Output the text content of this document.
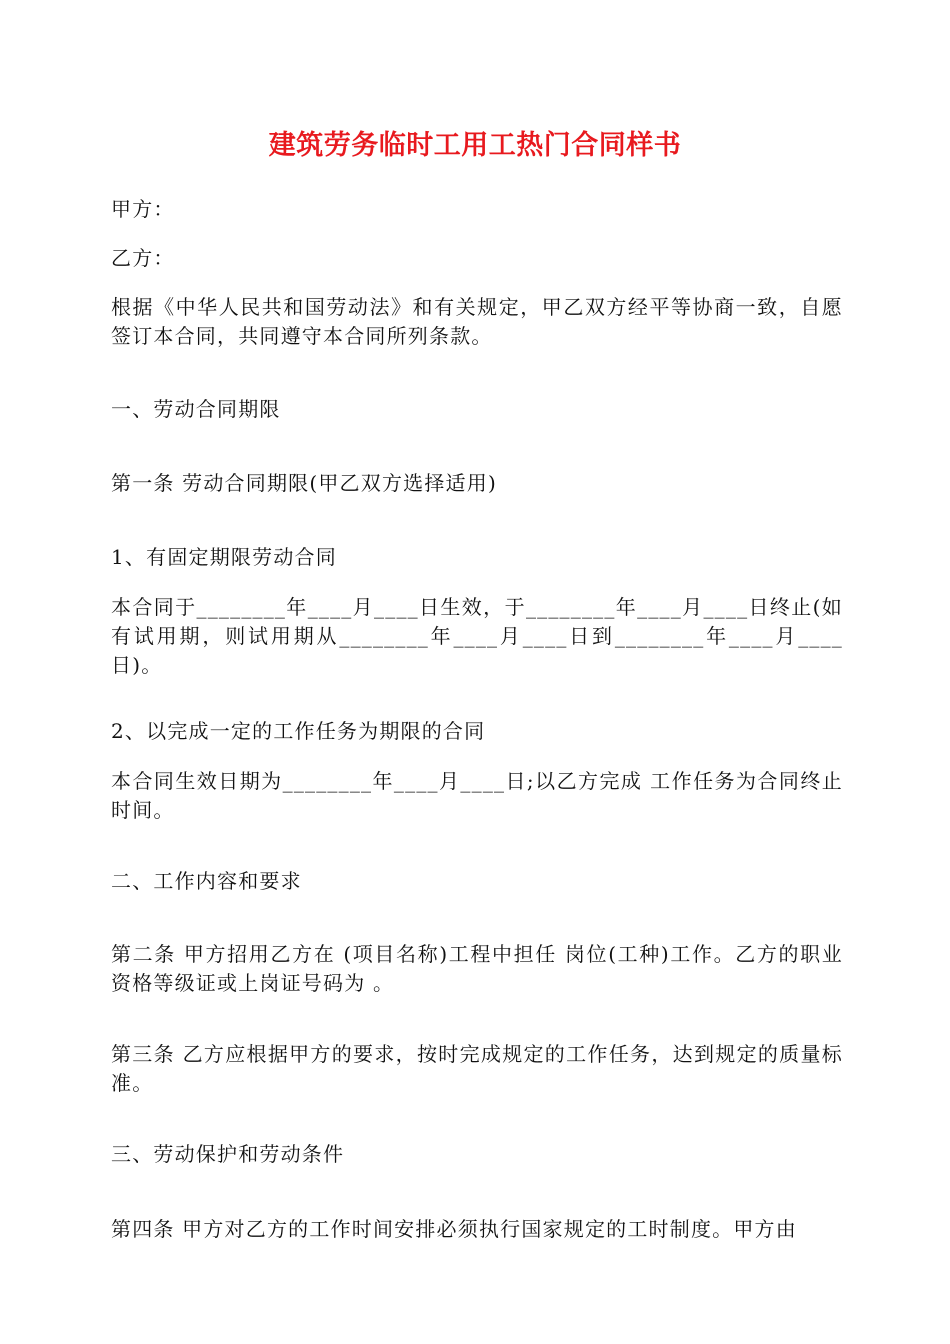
建筑劳务临时工用工热门合同样书
甲方：
乙方：
根据《中华人民共和国劳动法》和有关规定，甲乙双方经平等协商一致，自愿签订本合同，共同遵守本合同所列条款。
一、劳动合同期限
第一条 劳动合同期限(甲乙双方选择适用)
1、有固定期限劳动合同
本合同于________年____月____日生效，于________年____月____日终止(如有试用期，则试用期从________年____月____日到________年____月____日)。
2、以完成一定的工作任务为期限的合同
本合同生效日期为________年____月____日;以乙方完成 工作任务为合同终止时间。
二、工作内容和要求
第二条 甲方招用乙方在 (项目名称)工程中担任 岗位(工种)工作。乙方的职业资格等级证或上岗证号码为 。
第三条 乙方应根据甲方的要求，按时完成规定的工作任务，达到规定的质量标准。
三、劳动保护和劳动条件
第四条 甲方对乙方的工作时间安排必须执行国家规定的工时制度。甲方由
